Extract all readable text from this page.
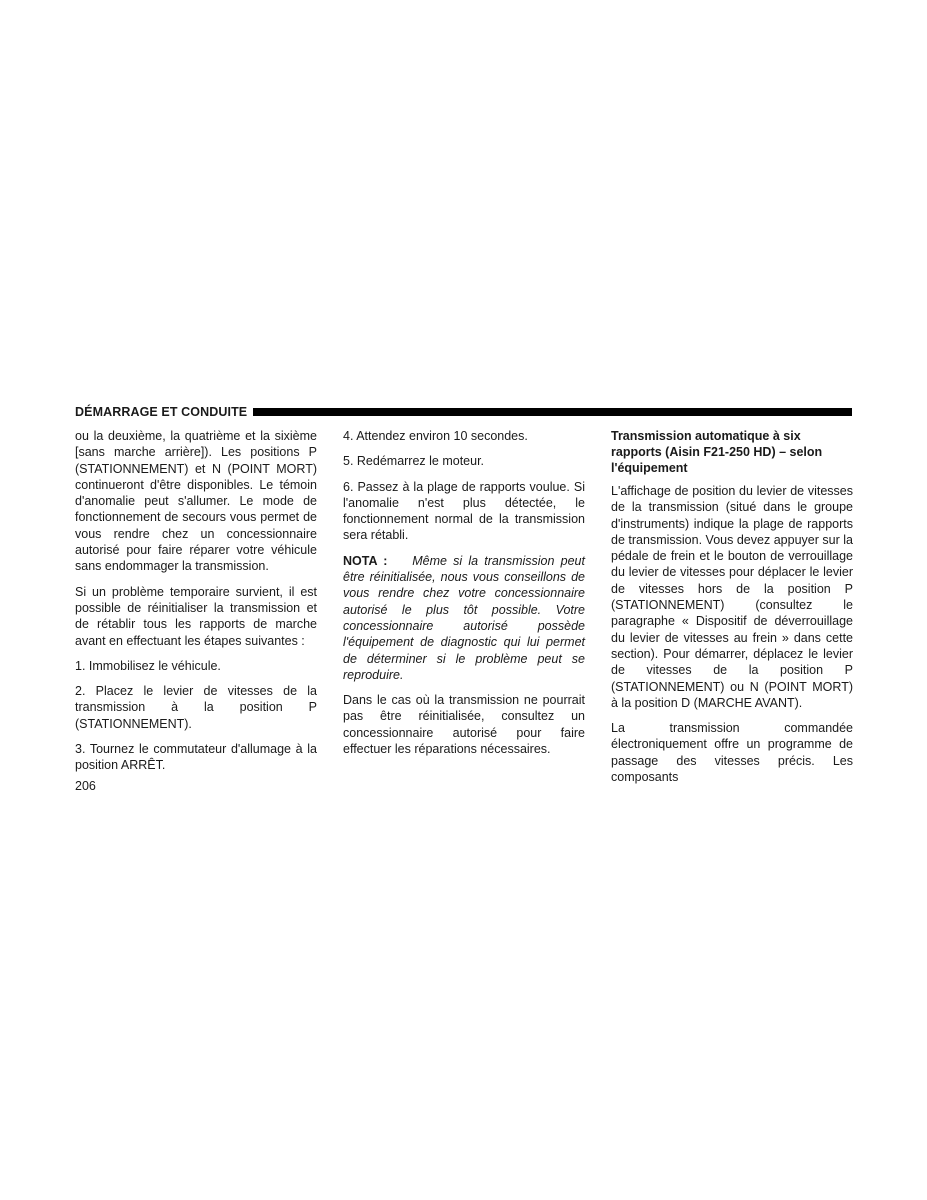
DÉMARRAGE ET CONDUITE

ou la deuxième, la quatrième et la sixième [sans marche arrière]). Les positions P (STATIONNEMENT) et N (POINT MORT) continueront d'être disponibles. Le témoin d'anomalie peut s'allumer. Le mode de fonctionnement de secours vous permet de vous rendre chez un concessionnaire autorisé pour faire réparer votre véhicule sans endommager la transmission.

Si un problème temporaire survient, il est possible de réinitialiser la transmission et de rétablir tous les rapports de marche avant en effectuant les étapes suivantes :

1. Immobilisez le véhicule.

2. Placez le levier de vitesses de la transmission à la position P (STATIONNEMENT).

3. Tournez le commutateur d'allumage à la position ARRÊT.

4. Attendez environ 10 secondes.

5. Redémarrez le moteur.

6. Passez à la plage de rapports voulue. Si l'anomalie n'est plus détectée, le fonctionnement normal de la transmission sera rétabli.

NOTA : Même si la transmission peut être réinitialisée, nous vous conseillons de vous rendre chez votre concessionnaire autorisé le plus tôt possible. Votre concessionnaire autorisé possède l'équipement de diagnostic qui lui permet de déterminer si le problème peut se reproduire.

Dans le cas où la transmission ne pourrait pas être réinitialisée, consultez un concessionnaire autorisé pour faire effectuer les réparations nécessaires.

Transmission automatique à six rapports (Aisin F21-250 HD) – selon l'équipement

L'affichage de position du levier de vitesses de la transmission (situé dans le groupe d'instruments) indique la plage de rapports de transmission. Vous devez appuyer sur la pédale de frein et le bouton de verrouillage du levier de vitesses pour déplacer le levier de vitesses hors de la position P (STATIONNEMENT) (consultez le paragraphe « Dispositif de déverrouillage du levier de vitesses au frein » dans cette section). Pour démarrer, déplacez le levier de vitesses de la position P (STATIONNEMENT) ou N (POINT MORT) à la position D (MARCHE AVANT).

La transmission commandée électroniquement offre un programme de passage des vitesses précis. Les composants

206
